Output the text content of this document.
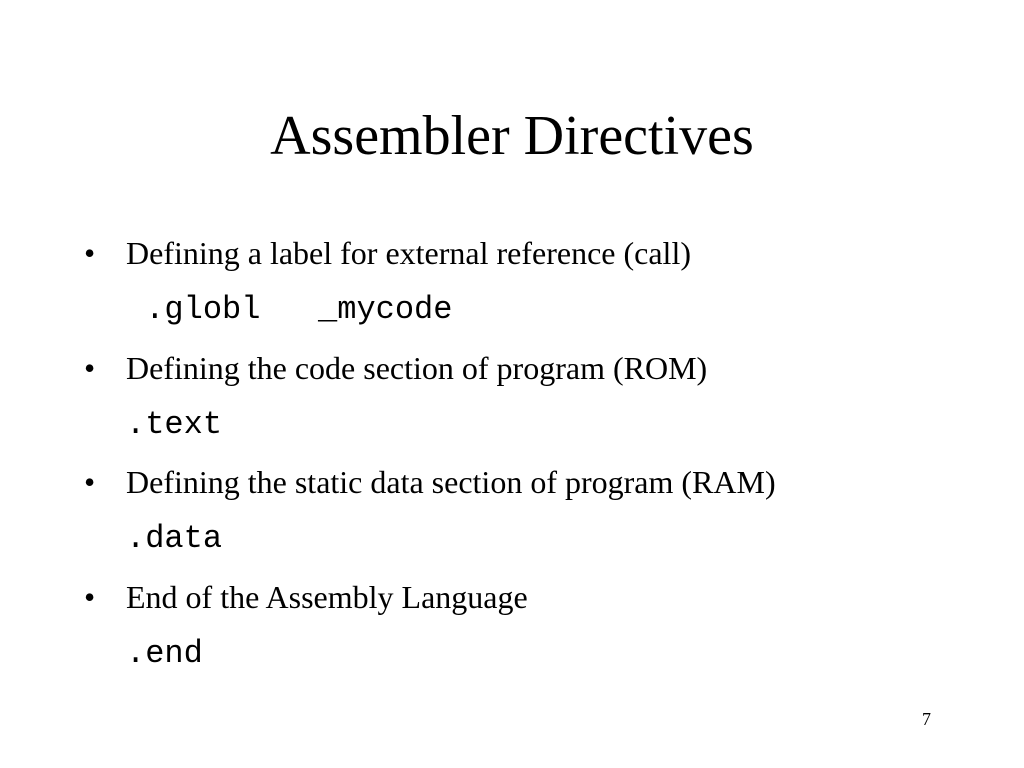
Assembler Directives
• Defining a label for external reference (call)
.globl   _mycode
• Defining the code section of program (ROM)
.text
• Defining the static data section of program (RAM)
.data
• End of the Assembly Language
.end
7
